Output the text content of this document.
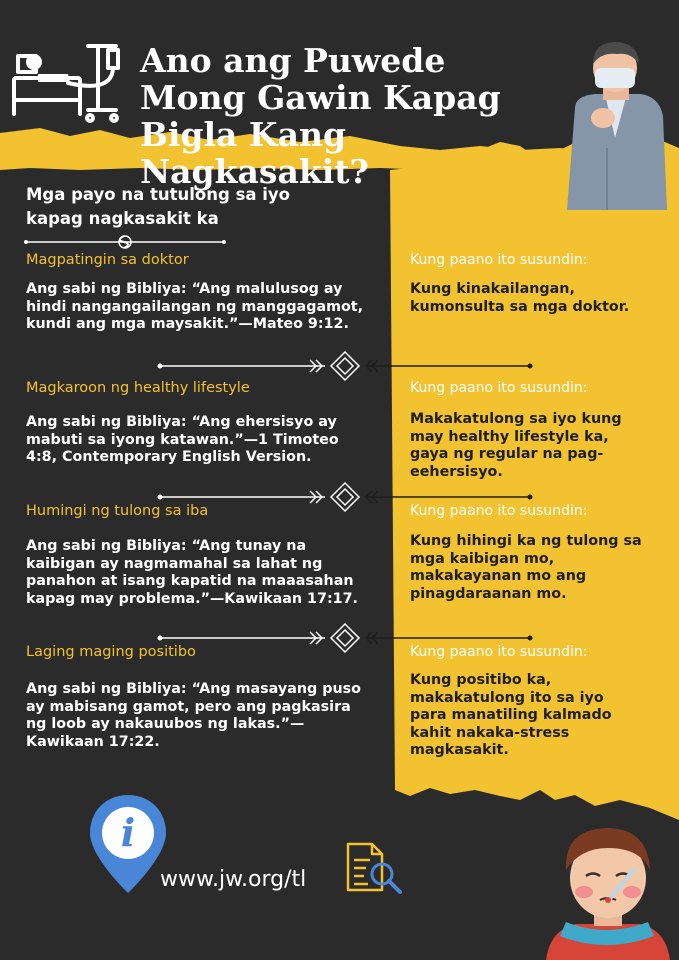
Ano ang Puwede Mong Gawin Kapag Bigla Kang Nagkasakit?
Mga payo na tutulong sa iyo kapag nagkasakit ka
Magpatingin sa doktor
Ang sabi ng Bibliya: “Ang malulusog ay hindi nangangailangan ng manggagamot, kundi ang mga maysakit.”—Mateo 9:12.
Kung paano ito susundin:
Kung kinakailangan, kumonsulta sa mga doktor.
Magkaroon ng healthy lifestyle
Ang sabi ng Bibliya: “Ang ehersisyo ay mabuti sa iyong katawan.”—1 Timoteo 4:8, Contemporary English Version.
Kung paano ito susundin:
Makakatulong sa iyo kung may healthy lifestyle ka, gaya ng regular na pag-eehersisyo.
Humingi ng tulong sa iba
Ang sabi ng Bibliya: “Ang tunay na kaibigan ay nagmamahal sa lahat ng panahon at isang kapatid na maaasahan kapag may problema.”—Kawikaan 17:17.
Kung paano ito susundin:
Kung hihingi ka ng tulong sa mga kaibigan mo, makakayanan mo ang pinagdaraanan mo.
Laging maging positibo
Ang sabi ng Bibliya: “Ang masayang puso ay mabisang gamot, pero ang pagkasira ng loob ay nakauubos ng lakas.”—Kawikaan 17:22.
Kung paano ito susundin:
Kung positibo ka, makakatulong ito sa iyo para manatiling kalmado kahit nakaka-stress magkasakit.
i
www.jw.org/tl
